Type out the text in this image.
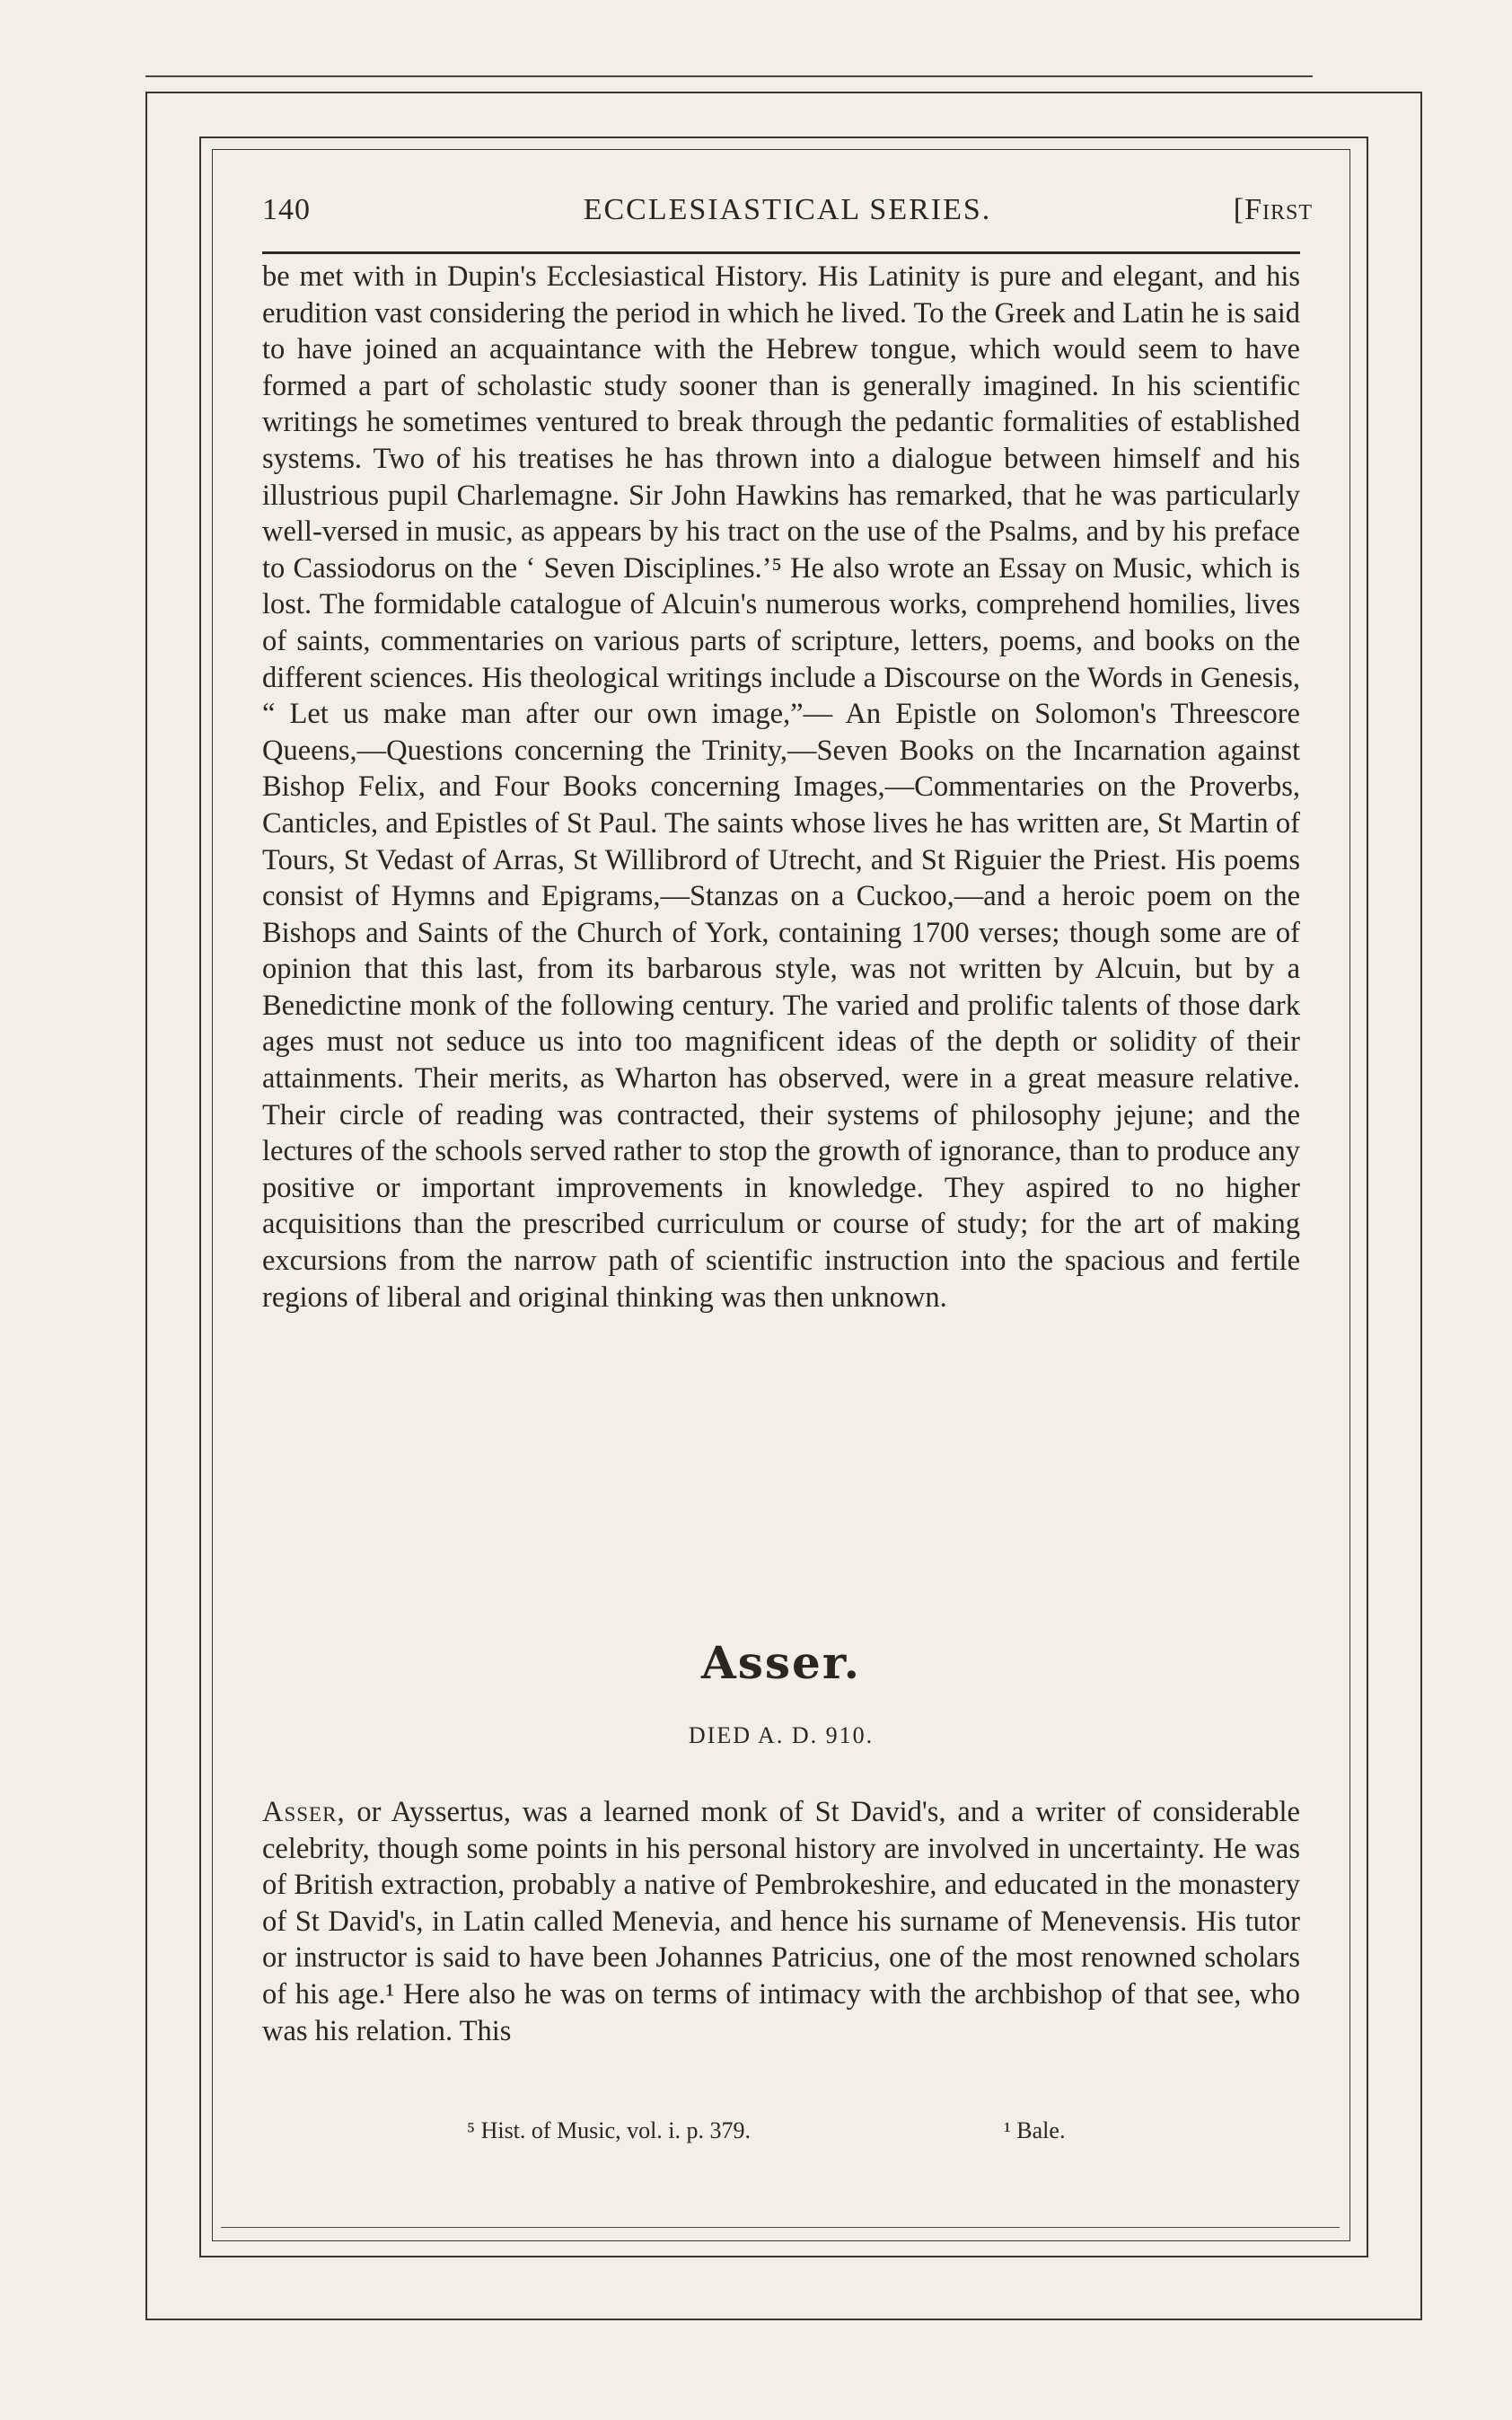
140	ECCLESIASTICAL SERIES.	[First

be met with in Dupin's Ecclesiastical History. His Latinity is pure and elegant, and his erudition vast considering the period in which he lived. To the Greek and Latin he is said to have joined an acquaintance with the Hebrew tongue, which would seem to have formed a part of scholastic study sooner than is generally imagined. In his scientific writings he sometimes ventured to break through the pedantic formalities of established systems. Two of his treatises he has thrown into a dialogue between himself and his illustrious pupil Charlemagne. Sir John Hawkins has remarked, that he was particularly well-versed in music, as appears by his tract on the use of the Psalms, and by his preface to Cassiodorus on the ‘ Seven Disciplines.’⁵ He also wrote an Essay on Music, which is lost. The formidable catalogue of Alcuin's numerous works, comprehend homilies, lives of saints, commentaries on various parts of scripture, letters, poems, and books on the different sciences. His theological writings include a Discourse on the Words in Genesis, “ Let us make man after our own image,”— An Epistle on Solomon's Threescore Queens,—Questions concerning the Trinity,—Seven Books on the Incarnation against Bishop Felix, and Four Books concerning Images,—Commentaries on the Proverbs, Canticles, and Epistles of St Paul. The saints whose lives he has written are, St Martin of Tours, St Vedast of Arras, St Willibrord of Utrecht, and St Riguier the Priest. His poems consist of Hymns and Epigrams,—Stanzas on a Cuckoo,—and a heroic poem on the Bishops and Saints of the Church of York, containing 1700 verses; though some are of opinion that this last, from its barbarous style, was not written by Alcuin, but by a Benedictine monk of the following century. The varied and prolific talents of those dark ages must not seduce us into too magnificent ideas of the depth or solidity of their attainments. Their merits, as Wharton has observed, were in a great measure relative. Their circle of reading was contracted, their systems of philosophy jejune; and the lectures of the schools served rather to stop the growth of ignorance, than to produce any positive or important improvements in knowledge. They aspired to no higher acquisitions than the prescribed curriculum or course of study; for the art of making excursions from the narrow path of scientific instruction into the spacious and fertile regions of liberal and original thinking was then unknown.

Asser.
DIED A. D. 910.

Asser, or Ayssertus, was a learned monk of St David's, and a writer of considerable celebrity, though some points in his personal history are involved in uncertainty. He was of British extraction, probably a native of Pembrokeshire, and educated in the monastery of St David's, in Latin called Menevia, and hence his surname of Menevensis. His tutor or instructor is said to have been Johannes Patricius, one of the most renowned scholars of his age.¹ Here also he was on terms of intimacy with the archbishop of that see, who was his relation. This

⁵ Hist. of Music, vol. i. p. 379.	¹ Bale.
